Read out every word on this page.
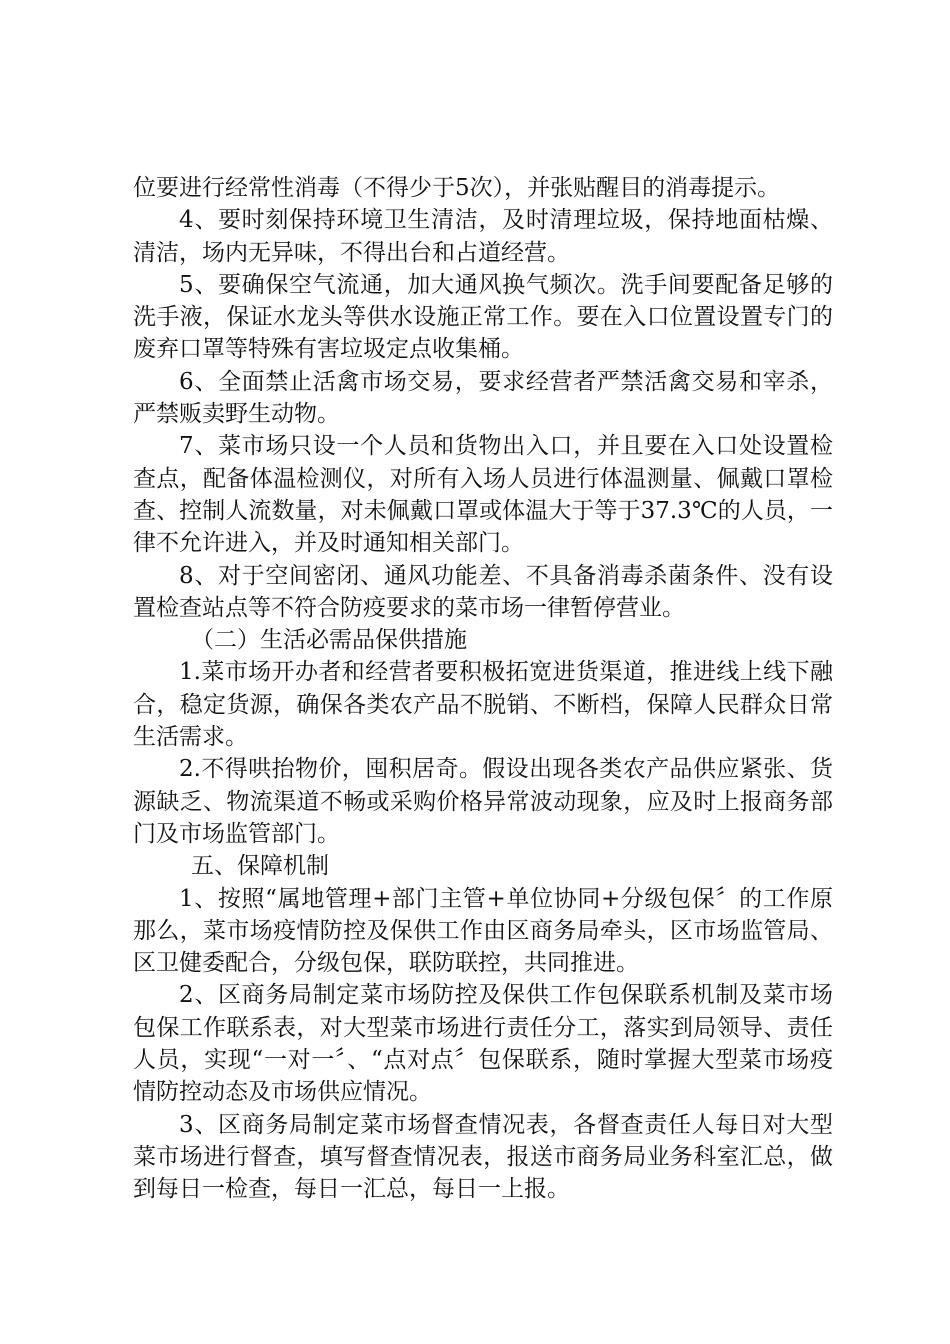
位要进行经常性消毒（不得少于5次），并张贴醒目的消毒提示。

4、要时刻保持环境卫生清洁，及时清理垃圾，保持地面枯燥、清洁，场内无异味，不得出台和占道经营。

5、要确保空气流通，加大通风换气频次。洗手间要配备足够的洗手液，保证水龙头等供水设施正常工作。要在入口位置设置专门的废弃口罩等特殊有害垃圾定点收集桶。

6、全面禁止活禽市场交易，要求经营者严禁活禽交易和宰杀，严禁贩卖野生动物。

7、菜市场只设一个人员和货物出入口，并且要在入口处设置检查点，配备体温检测仪，对所有入场人员进行体温测量、佩戴口罩检查、控制人流数量，对未佩戴口罩或体温大于等于37.3℃的人员，一律不允许进入，并及时通知相关部门。

8、对于空间密闭、通风功能差、不具备消毒杀菌条件、没有设置检查站点等不符合防疫要求的菜市场一律暂停营业。

（二）生活必需品保供措施

1.菜市场开办者和经营者要积极拓宽进货渠道，推进线上线下融合，稳定货源，确保各类农产品不脱销、不断档，保障人民群众日常生活需求。

2.不得哄抬物价，囤积居奇。假设出现各类农产品供应紧张、货源缺乏、物流渠道不畅或采购价格异常波动现象，应及时上报商务部门及市场监管部门。

五、保障机制

1、按照“属地管理+部门主管+单位协同+分级包保〞的工作原那么，菜市场疫情防控及保供工作由区商务局牵头，区市场监管局、区卫健委配合，分级包保，联防联控，共同推进。

2、区商务局制定菜市场防控及保供工作包保联系机制及菜市场包保工作联系表，对大型菜市场进行责任分工，落实到局领导、责任人员，实现“一对一〞、“点对点〞包保联系，随时掌握大型菜市场疫情防控动态及市场供应情况。

3、区商务局制定菜市场督查情况表，各督查责任人每日对大型菜市场进行督查，填写督查情况表，报送市商务局业务科室汇总，做到每日一检查，每日一汇总，每日一上报。
